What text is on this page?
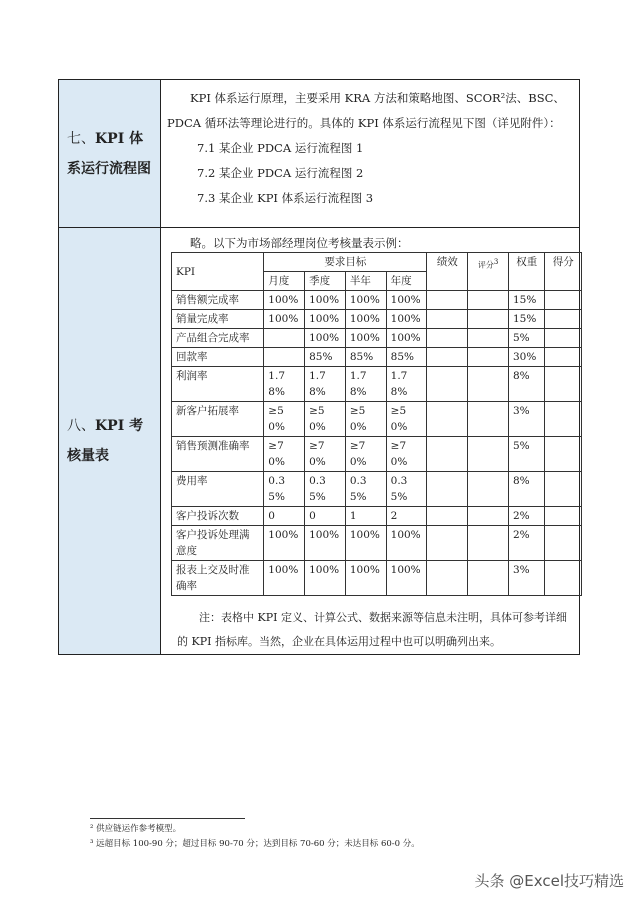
七、KPI 体系运行流程图

KPI 体系运行原理，主要采用 KRA 方法和策略地图、SCOR²法、BSC、PDCA 循环法等理论进行的。具体的 KPI 体系运行流程见下图（详见附件）：

7.1 某企业 PDCA 运行流程图 1

7.2 某企业 PDCA 运行流程图 2

7.3 某企业 KPI 体系运行流程图 3

八、KPI 考核量表

略。以下为市场部经理岗位考核量表示例：

KPI	要求目标				绩效	评分3	权重	得分
	月度	季度	半年	年度				
销售额完成率	100%	100%	100%	100%			15%	
销量完成率	100%	100%	100%	100%			15%	
产品组合完成率		100%	100%	100%			5%	
回款率		85%	85%	85%			30%	
利润率	1.78%	1.78%	1.78%	1.78%			8%	
新客户拓展率	≥50%	≥50%	≥50%	≥50%			3%	
销售预测准确率	≥70%	≥70%	≥70%	≥70%			5%	
费用率	0.35%	0.35%	0.35%	0.35%			8%	
客户投诉次数	0	0	1	2			2%	
客户投诉处理满意度	100%	100%	100%	100%			2%	
报表上交及时准确率	100%	100%	100%	100%			3%	

注：表格中 KPI 定义、计算公式、数据来源等信息未注明，具体可参考详细的 KPI 指标库。当然，企业在具体运用过程中也可以明确列出来。

² 供应链运作参考模型。

³ 远超目标 100-90 分；超过目标 90-70 分；达到目标 70-60 分；未达目标 60-0 分。

头条 @Excel技巧精选
